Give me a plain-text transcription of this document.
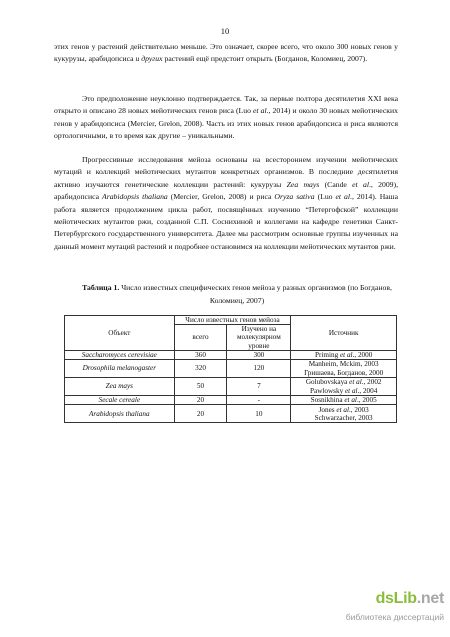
10

этих генов у растений действительно меньше. Это означает, скорее всего, что около 300 новых генов у кукурузы, арабидопсиса и других растений ещё предстоит открыть (Богданов, Коломиец, 2007).

Это предположение неуклонно подтверждается. Так, за первые полтора десятилетия XXI века открыто и описано 28 новых мейотических генов риса (Luo et al., 2014) и около 30 новых мейотических генов у арабидопсиса (Mercier, Grelon, 2008). Часть из этих новых генов арабидопсиса и риса являются ортологичными, в то время как другие – уникальными.

Прогрессивные исследования мейоза основаны на всестороннем изучении мейотических мутаций и коллекций мейотических мутантов конкретных организмов. В последние десятилетия активно изучаются генетические коллекции растений: кукурузы Zea mays (Cande et al., 2009), арабидопсиса Arabidopsis thaliana (Mercier, Grelon, 2008) и риса Oryza sativa (Luo et al., 2014). Наша работа является продолжением цикла работ, посвящённых изучению “Петергофской” коллекции мейотических мутантов ржи, созданной С.П. Соснихиной и коллегами на кафедре генетики Санкт-Петербургского государственного университета. Далее мы рассмотрим основные группы изученных на данный момент мутаций растений и подробнее остановимся на коллекции мейотических мутантов ржи.

Таблица 1. Число известных специфических генов мейоза у разных организмов (по Богданов, Коломиец, 2007)
Объект	Число известных генов мейоза		Источник
	всего	Изучено на молекулярном уровне	
Saccharomyces cerevisiae	360	300	Priming et al., 2000
Drosophila melanogaster	320	120	Manheim, Mckim, 2003
Гришаева, Богданов, 2000
Zea mays	50	7	Golubovskaya et al., 2002
Pawlowsky et al., 2004
Secale cereale	20	-	Sosnikhina et al., 2005
Arabidopsis thaliana	20	10	Jones et al., 2003
Schwarzacher, 2003
dsLib.net
библиотека диссертаций
